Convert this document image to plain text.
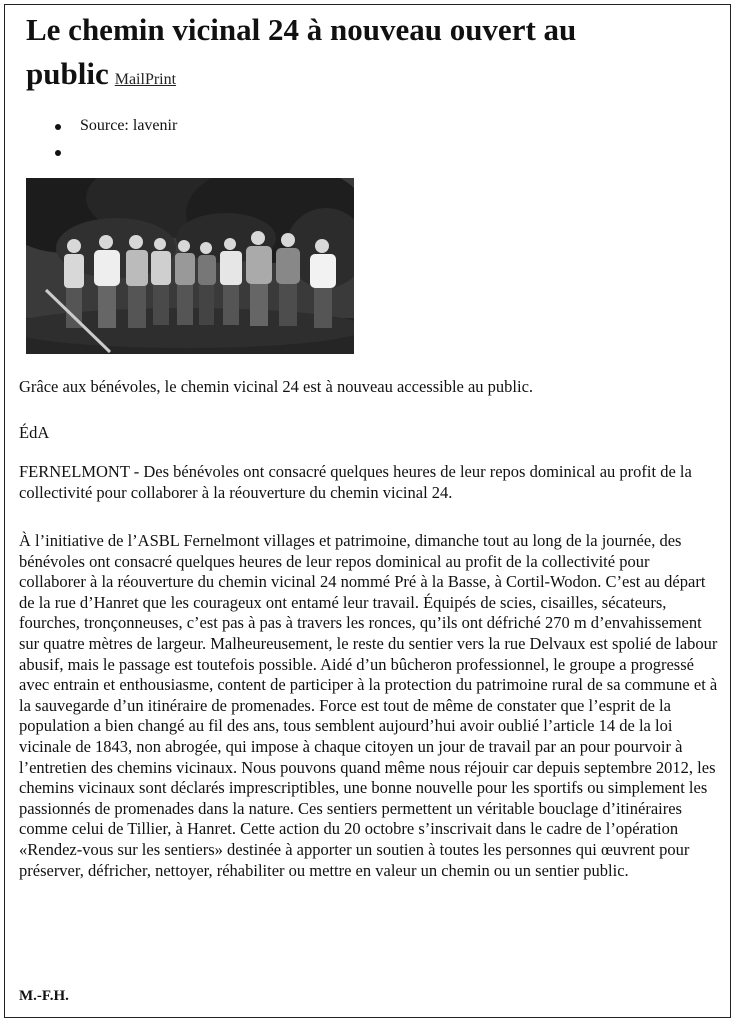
Le chemin vicinal 24 à nouveau ouvert au public MailPrint
Source: lavenir

Grâce aux bénévoles, le chemin vicinal 24 est à nouveau accessible au public.

ÉdA

FERNELMONT - Des bénévoles ont consacré quelques heures de leur repos dominical au profit de la collectivité pour collaborer à la réouverture du chemin vicinal 24.

À l’initiative de l’ASBL Fernelmont villages et patrimoine, dimanche tout au long de la journée, des bénévoles ont consacré quelques heures de leur repos dominical au profit de la collectivité pour collaborer à la réouverture du chemin vicinal 24 nommé Pré à la Basse, à Cortil-Wodon. C’est au départ de la rue d’Hanret que les courageux ont entamé leur travail. Équipés de scies, cisailles, sécateurs, fourches, tronçonneuses, c’est pas à pas à travers les ronces, qu’ils ont défriché 270 m d’envahissement sur quatre mètres de largeur. Malheureusement, le reste du sentier vers la rue Delvaux est spolié de labour abusif, mais le passage est toutefois possible. Aidé d’un bûcheron professionnel, le groupe a progressé avec entrain et enthousiasme, content de participer à la protection du patrimoine rural de sa commune et à la sauvegarde d’un itinéraire de promenades. Force est tout de même de constater que l’esprit de la population a bien changé au fil des ans, tous semblent aujourd’hui avoir oublié l’article 14 de la loi vicinale de 1843, non abrogée, qui impose à chaque citoyen un jour de travail par an pour pourvoir à l’entretien des chemins vicinaux. Nous pouvons quand même nous réjouir car depuis septembre 2012, les chemins vicinaux sont déclarés imprescriptibles, une bonne nouvelle pour les sportifs ou simplement les passionnés de promenades dans la nature. Ces sentiers permettent un véritable bouclage d’itinéraires comme celui de Tillier, à Hanret. Cette action du 20 octobre s’inscrivait dans le cadre de l’opération «Rendez-vous sur les sentiers» destinée à apporter un soutien à toutes les personnes qui œuvrent pour préserver, défricher, nettoyer, réhabiliter ou mettre en valeur un chemin ou un sentier public.

M.-F.H.
